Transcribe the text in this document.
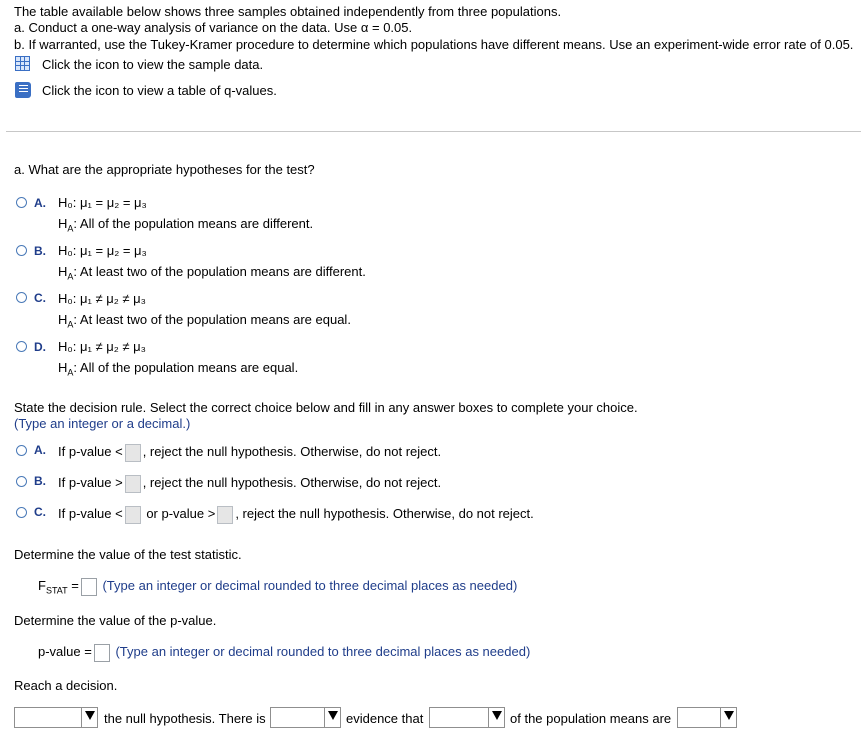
The table available below shows three samples obtained independently from three populations.
a. Conduct a one-way analysis of variance on the data. Use α = 0.05.
b. If warranted, use the Tukey-Kramer procedure to determine which populations have different means. Use an experiment-wide error rate of 0.05.
Click the icon to view the sample data.
Click the icon to view a table of q-values.
a. What are the appropriate hypotheses for the test?
A. H₀: μ₁ = μ₂ = μ₃
$H_A$: All of the population means are different.
B. H₀: μ₁ = μ₂ = μ₃
$H_A$: At least two of the population means are different.
C. H₀: μ₁ ≠ μ₂ ≠ μ₃
$H_A$: At least two of the population means are equal.
D. H₀: μ₁ ≠ μ₂ ≠ μ₃
$H_A$: All of the population means are equal.
State the decision rule. Select the correct choice below and fill in any answer boxes to complete your choice.
(Type an integer or a decimal.)
A. If p-value < , reject the null hypothesis. Otherwise, do not reject.
B. If p-value > , reject the null hypothesis. Otherwise, do not reject.
C. If p-value < or p-value > , reject the null hypothesis. Otherwise, do not reject.
Determine the value of the test statistic.
$F_{STAT}$ = (Type an integer or decimal rounded to three decimal places as needed)
Determine the value of the p-value.
p-value = (Type an integer or decimal rounded to three decimal places as needed)
Reach a decision.
the null hypothesis. There is	evidence that	of the population means are
